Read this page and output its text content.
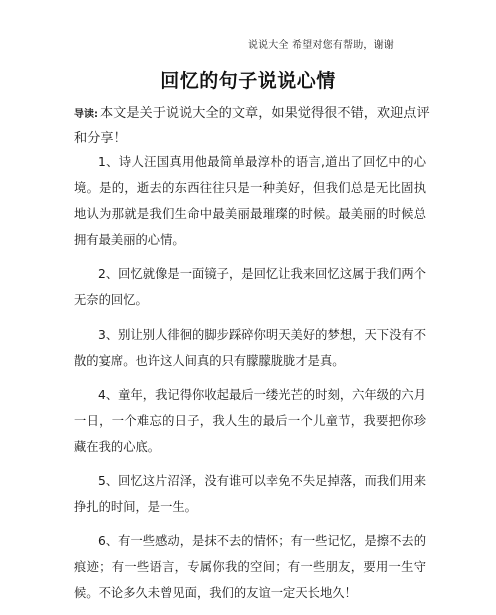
说说大全 希望对您有帮助，谢谢
回忆的句子说说心情
导读: 本文是关于说说大全的文章，如果觉得很不错，欢迎点评和分享！

1、诗人汪国真用他最简单最淳朴的语言,道出了回忆中的心境。是的，逝去的东西往往只是一种美好，但我们总是无比固执地认为那就是我们生命中最美丽最璀璨的时候。最美丽的时候总拥有最美丽的心情。

2、回忆就像是一面镜子，是回忆让我来回忆这属于我们两个无奈的回忆。

3、别让别人徘徊的脚步踩碎你明天美好的梦想，天下没有不散的宴席。也许这人间真的只有朦朦胧胧才是真。

4、童年，我记得你收起最后一缕光芒的时刻，六年级的六月一日，一个难忘的日子，我人生的最后一个儿童节，我要把你珍藏在我的心底。

5、回忆这片沼泽，没有谁可以幸免不失足掉落，而我们用来挣扎的时间，是一生。

6、有一些感动，是抹不去的情怀；有一些记忆，是擦不去的痕迹；有一些语言，专属你我的空间；有一些朋友，要用一生守候。不论多久未曾见面，我们的友谊一定天长地久！
